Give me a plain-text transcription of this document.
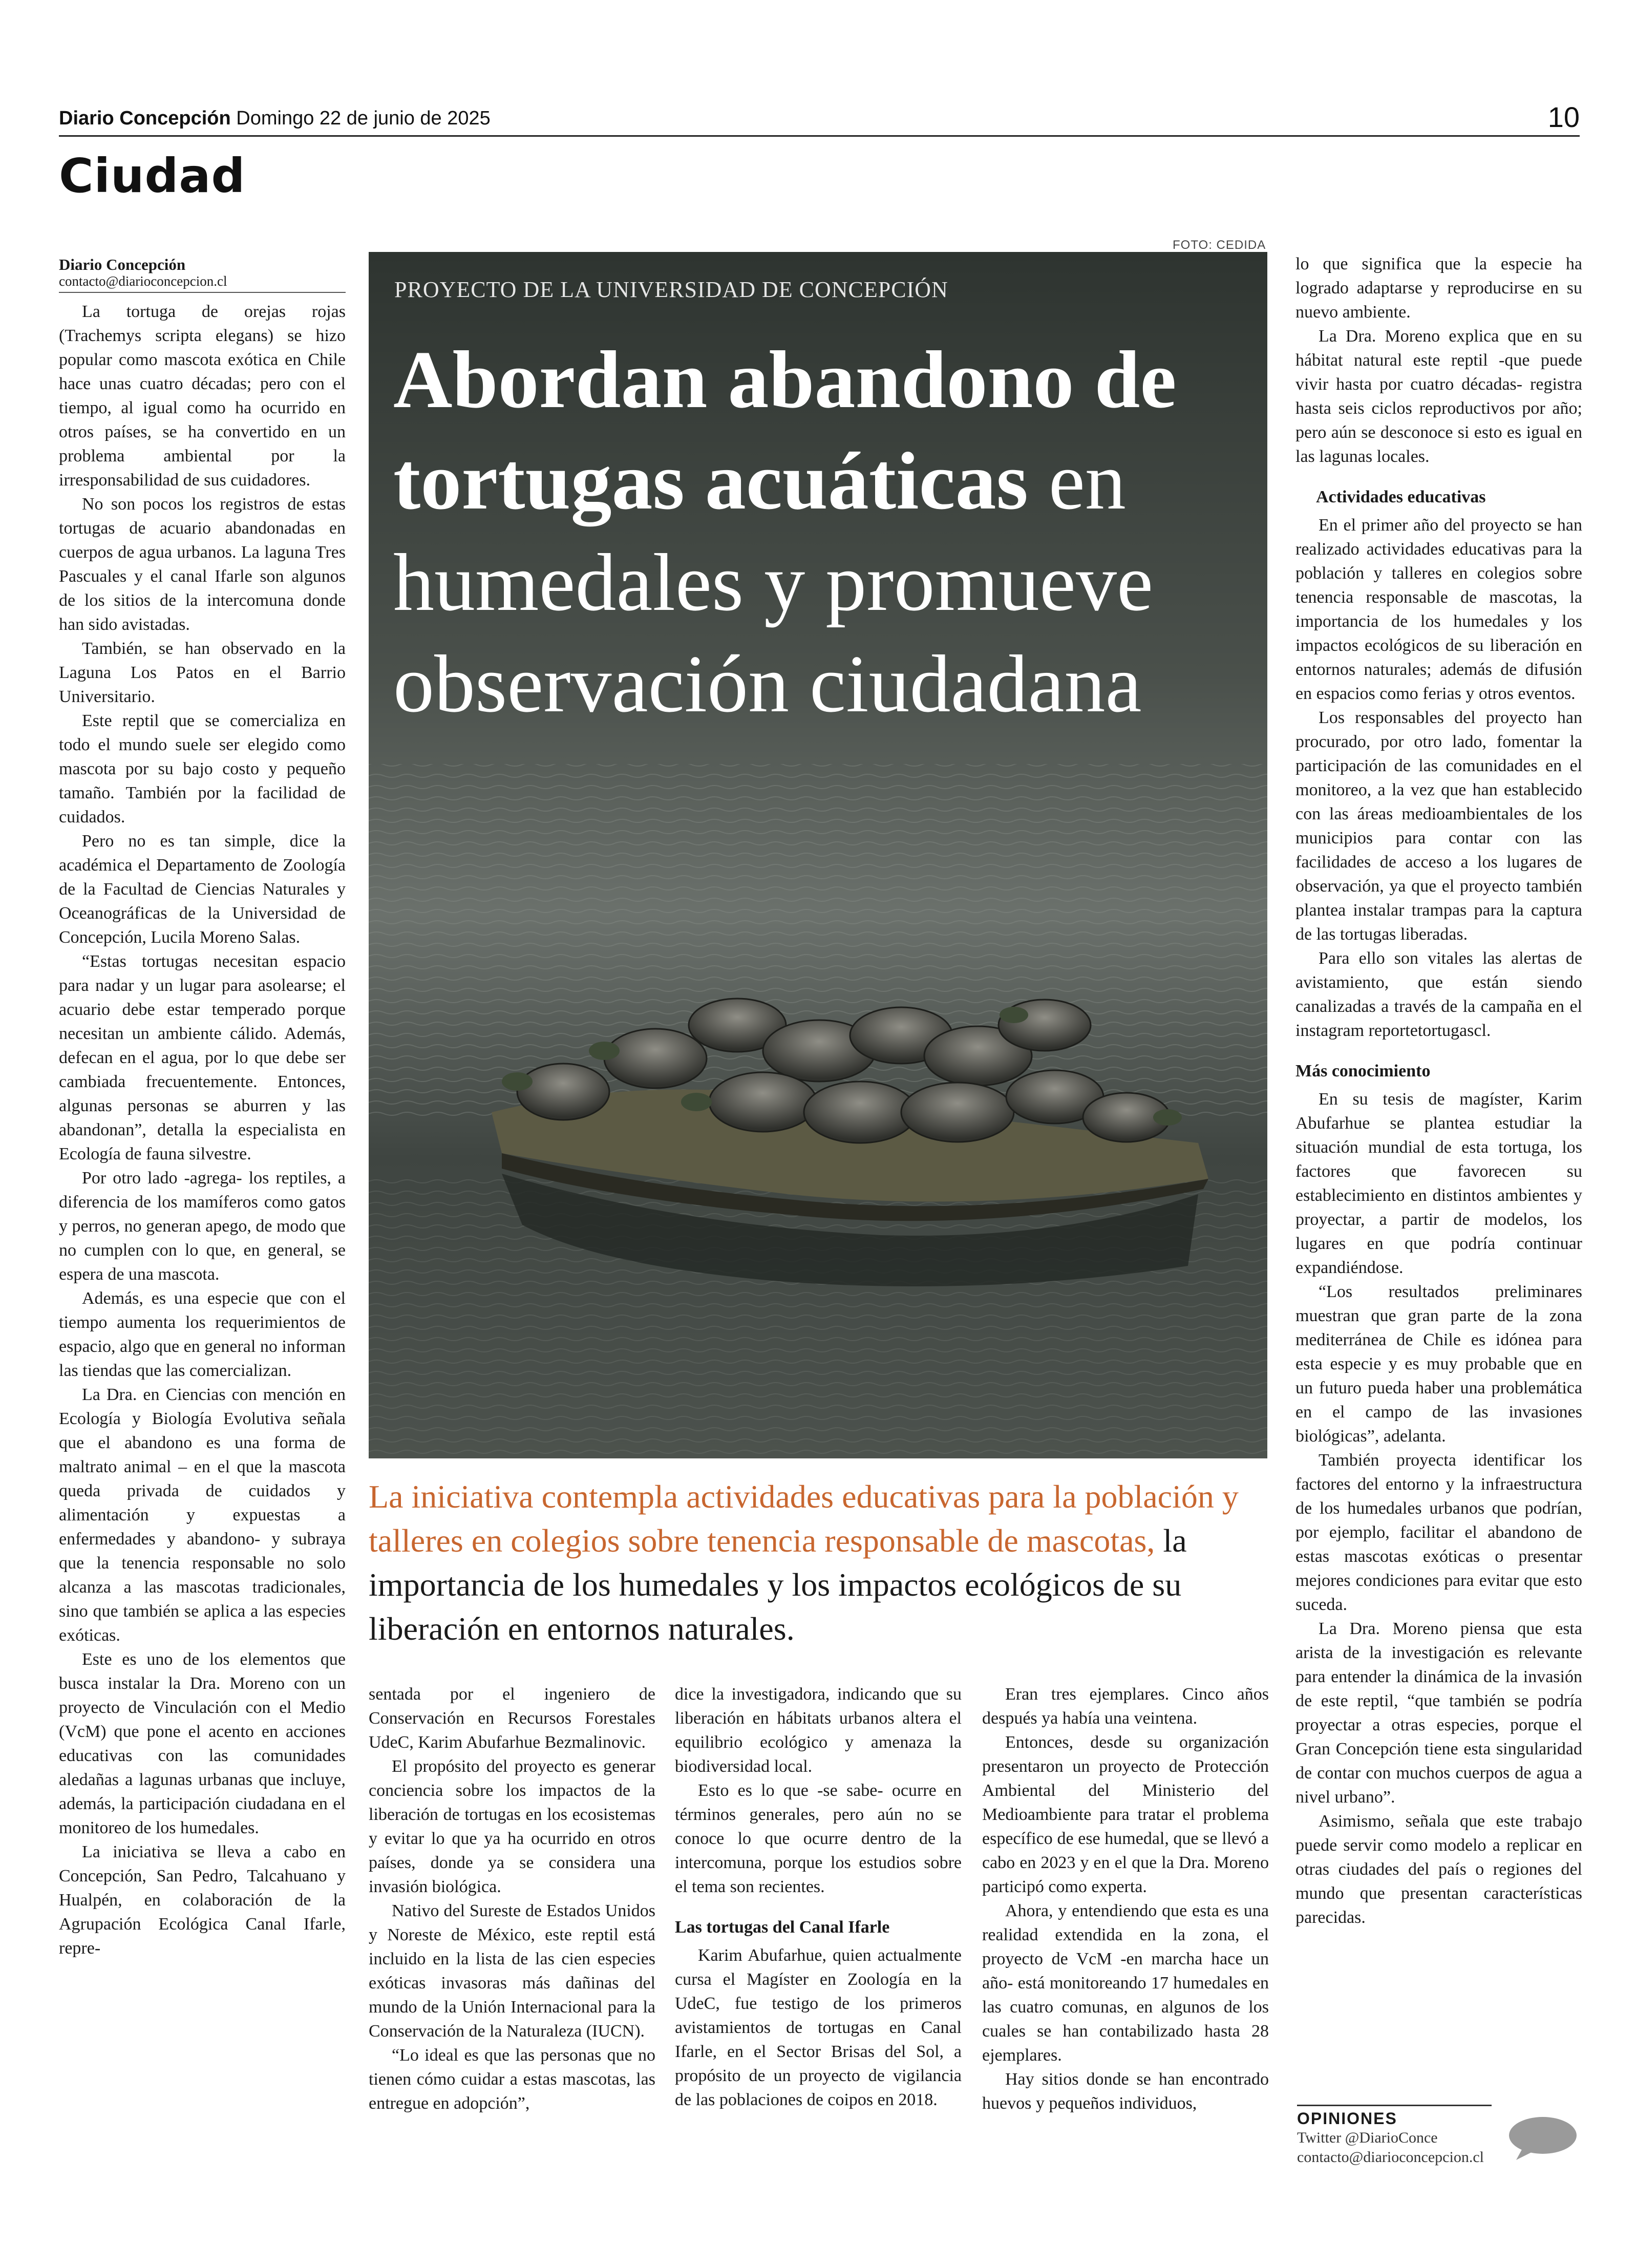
Diario Concepción Domingo 22 de junio de 2025	10
Ciudad
Diario Concepción
contacto@diarioconcepcion.cl

La tortuga de orejas rojas (Trachemys scripta elegans) se hizo popular como mascota exótica en Chile hace unas cuatro décadas; pero con el tiempo, al igual como ha ocurrido en otros países, se ha convertido en un problema ambiental por la irresponsabilidad de sus cuidadores.

No son pocos los registros de estas tortugas de acuario abandonadas en cuerpos de agua urbanos. La laguna Tres Pascuales y el canal Ifarle son algunos de los sitios de la intercomuna donde han sido avistadas.

También, se han observado en la Laguna Los Patos en el Barrio Universitario.

Este reptil que se comercializa en todo el mundo suele ser elegido como mascota por su bajo costo y pequeño tamaño. También por la facilidad de cuidados.

Pero no es tan simple, dice la académica el Departamento de Zoología de la Facultad de Ciencias Naturales y Oceanográficas de la Universidad de Concepción, Lucila Moreno Salas.

“Estas tortugas necesitan espacio para nadar y un lugar para asolearse; el acuario debe estar temperado porque necesitan un ambiente cálido. Además, defecan en el agua, por lo que debe ser cambiada frecuentemente. Entonces, algunas personas se aburren y las abandonan”, detalla la especialista en Ecología de fauna silvestre.

Por otro lado -agrega- los reptiles, a diferencia de los mamíferos como gatos y perros, no generan apego, de modo que no cumplen con lo que, en general, se espera de una mascota.

Además, es una especie que con el tiempo aumenta los requerimientos de espacio, algo que en general no informan las tiendas que las comercializan.

La Dra. en Ciencias con mención en Ecología y Biología Evolutiva señala que el abandono es una forma de maltrato animal – en el que la mascota queda privada de cuidados y alimentación y expuestas a enfermedades y abandono- y subraya que la tenencia responsable no solo alcanza a las mascotas tradicionales, sino que también se aplica a las especies exóticas.

Este es uno de los elementos que busca instalar la Dra. Moreno con un proyecto de Vinculación con el Medio (VcM) que pone el acento en acciones educativas con las comunidades aledañas a lagunas urbanas que incluye, además, la participación ciudadana en el monitoreo de los humedales.

La iniciativa se lleva a cabo en Concepción, San Pedro, Talcahuano y Hualpén, en colaboración de la Agrupación Ecológica Canal Ifarle, repre-

FOTO: CEDIDA
PROYECTO DE LA UNIVERSIDAD DE CONCEPCIÓN
Abordan abandono de
tortugas acuáticas en
humedales y promueve
observación ciudadana
La iniciativa contempla actividades educativas para la población y talleres en colegios sobre tenencia responsable de mascotas, la importancia de los humedales y los impactos ecológicos de su liberación en entornos naturales.

sentada por el ingeniero de Conservación en Recursos Forestales UdeC, Karim Abufarhue Bezmalinovic.

El propósito del proyecto es generar conciencia sobre los impactos de la liberación de tortugas en los ecosistemas y evitar lo que ya ha ocurrido en otros países, donde ya se considera una invasión biológica.

Nativo del Sureste de Estados Unidos y Noreste de México, este reptil está incluido en la lista de las cien especies exóticas invasoras más dañinas del mundo de la Unión Internacional para la Conservación de la Naturaleza (IUCN).

“Lo ideal es que las personas que no tienen cómo cuidar a estas mascotas, las entregue en adopción”,

dice la investigadora, indicando que su liberación en hábitats urbanos altera el equilibrio ecológico y amenaza la biodiversidad local.

Esto es lo que -se sabe- ocurre en términos generales, pero aún no se conoce lo que ocurre dentro de la intercomuna, porque los estudios sobre el tema son recientes.

Las tortugas del Canal Ifarle

Karim Abufarhue, quien actualmente cursa el Magíster en Zoología en la UdeC, fue testigo de los primeros avistamientos de tortugas en Canal Ifarle, en el Sector Brisas del Sol, a propósito de un proyecto de vigilancia de las poblaciones de coipos en 2018.

Eran tres ejemplares. Cinco años después ya había una veintena.

Entonces, desde su organización presentaron un proyecto de Protección Ambiental del Ministerio del Medioambiente para tratar el problema específico de ese humedal, que se llevó a cabo en 2023 y en el que la Dra. Moreno participó como experta.

Ahora, y entendiendo que esta es una realidad extendida en la zona, el proyecto de VcM -en marcha hace un año- está monitoreando 17 humedales en las cuatro comunas, en algunos de los cuales se han contabilizado hasta 28 ejemplares.

Hay sitios donde se han encontrado huevos y pequeños individuos,

lo que significa que la especie ha logrado adaptarse y reproducirse en su nuevo ambiente.

La Dra. Moreno explica que en su hábitat natural este reptil -que puede vivir hasta por cuatro décadas- registra hasta seis ciclos reproductivos por año; pero aún se desconoce si esto es igual en las lagunas locales.

Actividades educativas

En el primer año del proyecto se han realizado actividades educativas para la población y talleres en colegios sobre tenencia responsable de mascotas, la importancia de los humedales y los impactos ecológicos de su liberación en entornos naturales; además de difusión en espacios como ferias y otros eventos.

Los responsables del proyecto han procurado, por otro lado, fomentar la participación de las comunidades en el monitoreo, a la vez que han establecido con las áreas medioambientales de los municipios para contar con las facilidades de acceso a los lugares de observación, ya que el proyecto también plantea instalar trampas para la captura de las tortugas liberadas.

Para ello son vitales las alertas de avistamiento, que están siendo canalizadas a través de la campaña en el instagram reportetortugascl.

Más conocimiento

En su tesis de magíster, Karim Abufarhue se plantea estudiar la situación mundial de esta tortuga, los factores que favorecen su establecimiento en distintos ambientes y proyectar, a partir de modelos, los lugares en que podría continuar expandiéndose.

“Los resultados preliminares muestran que gran parte de la zona mediterránea de Chile es idónea para esta especie y es muy probable que en un futuro pueda haber una problemática en el campo de las invasiones biológicas”, adelanta.

También proyecta identificar los factores del entorno y la infraestructura de los humedales urbanos que podrían, por ejemplo, facilitar el abandono de estas mascotas exóticas o presentar mejores condiciones para evitar que esto suceda.

La Dra. Moreno piensa que esta arista de la investigación es relevante para entender la dinámica de la invasión de este reptil, “que también se podría proyectar a otras especies, porque el Gran Concepción tiene esta singularidad de contar con muchos cuerpos de agua a nivel urbano”.

Asimismo, señala que este trabajo puede servir como modelo a replicar en otras ciudades del país o regiones del mundo que presentan características parecidas.

OPINIONES
Twitter @DiarioConce
contacto@diarioconcepcion.cl
